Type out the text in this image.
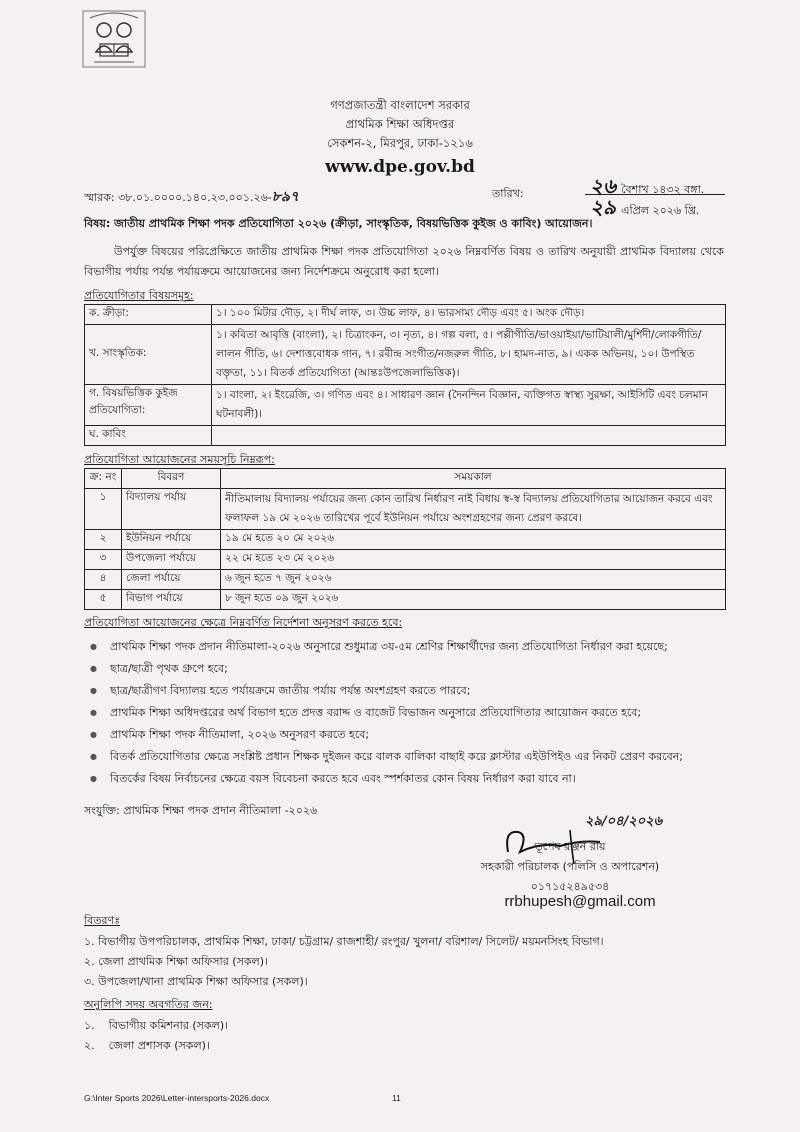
গণপ্রজাতন্ত্রী বাংলাদেশ সরকার
প্রাথমিক শিক্ষা অধিদপ্তর
সেকশন-২, মিরপুর, ঢাকা-১২১৬
www.dpe.gov.bd
স্মারক: ৩৮.০১.০০০০.১৪০.২৩.০০১.২৬-৮৯৭	তারিখ:	২৬ বৈশাখ ১৪৩২ বঙ্গা.
২৯ এপ্রিল ২০২৬ খ্রি.
বিষয়: জাতীয় প্রাথমিক শিক্ষা পদক প্রতিযোগিতা ২০২৬ (ক্রীড়া, সাংস্কৃতিক, বিষয়ভিত্তিক কুইজ ও কাবিং) আয়োজন।
উপর্যুক্ত বিষয়ের পরিপ্রেক্ষিতে জাতীয় প্রাথমিক শিক্ষা পদক প্রতিযোগিতা ২০২৬ নিম্নবর্ণিত বিষয় ও তারিখ অনুযায়ী প্রাথমিক বিদ্যালয় থেকে বিভাগীয় পর্যায় পর্যন্ত পর্যায়ক্রমে আয়োজনের জন্য নির্দেশক্রমে অনুরোধ করা হলো।
প্রতিযোগিতার বিষয়সমূহ:
ক. ক্রীড়া:	১। ১০০ মিটার দৌড়, ২। দীর্ঘ লাফ, ৩। উচ্চ লাফ, ৪। ভারসাম্য দৌড় এবং ৫। অংক দৌড়।
খ. সাংস্কৃতিক:	১। কবিতা আবৃত্তি (বাংলা), ২। চিত্রাংকন, ৩। নৃত্য, ৪। গল্প বলা, ৫। পল্লীগীতি/ভাওয়াইয়া/ভাটিয়ালী/মুর্শিদী/লোকগীতি/লালন গীতি, ৬। দেশাত্তবোধক গান, ৭। রবীন্দ্র সংগীত/নজরুল গীতি, ৮। হামদ-নাত, ৯। একক অভিনয়, ১০। উপস্থিত বক্তৃতা, ১১। বিতর্ক প্রতিযোগিতা (আন্তঃউপজেলাভিত্তিক)।
গ. বিষয়ভিত্তিক কুইজ প্রতিযোগিতা:	১। বাংলা, ২। ইংরেজি, ৩। গণিত এবং ৪। সাধারণ জ্ঞান (দৈনন্দিন বিজ্ঞান, ব্যক্তিগত স্বাস্থ্য সুরক্ষা, আইসিটি এবং চলমান ঘটনাবলী)।
ঘ. কাবিং	
প্রতিযোগিতা আয়োজনের সময়সূচি নিম্নরূপ:
ক্র: নং	বিবরণ	সময়কাল
১	বিদ্যালয় পর্যায়	নীতিমালায় বিদ্যালয় পর্যায়ের জন্য কোন তারিখ নির্ধারণ নাই বিধায় স্ব-স্ব বিদ্যালয় প্রতিযোগিতার আয়োজন করবে এবং ফলাফল ১৯ মে ২০২৬ তারিখের পূর্বে ইউনিয়ন পর্যায়ে অংশগ্রহণের জন্য প্রেরণ করবে।
২	ইউনিয়ন পর্যায়ে	১৯ মে হতে ২০ মে ২০২৬
৩	উপজেলা পর্যায়ে	২২ মে হতে ২৩ মে ২০২৬
৪	জেলা পর্যায়ে	৬ জুন হতে ৭ জুন ২০২৬
৫	বিভাগ পর্যায়ে	৮ জুন হতে ০৯ জুন ২০২৬
প্রতিযোগিতা আয়োজনের ক্ষেত্রে নিম্নবর্ণিত নির্দেশনা অনুসরণ করতে হবে:
● প্রাথমিক শিক্ষা পদক প্রদান নীতিমালা-২০২৬ অনুসারে শুধুমাত্র ৩য়-৫ম শ্রেণির শিক্ষার্থীদের জন্য প্রতিযোগিতা নির্ধারণ করা হয়েছে;
● ছাত্র/ছাত্রী পৃথক গ্রুপে হবে;
● ছাত্র/ছাত্রীগণ বিদ্যালয় হতে পর্যায়ক্রমে জাতীয় পর্যায় পর্যন্ত অংশগ্রহণ করতে পারবে;
● প্রাথমিক শিক্ষা অধিদপ্তরের অর্থ বিভাগ হতে প্রদত্ত বরাদ্দ ও বাজেট বিভাজন অনুসারে প্রতিযোগিতার আয়োজন করতে হবে;
● প্রাথমিক শিক্ষা পদক নীতিমালা, ২০২৬ অনুসরণ করতে হবে;
● বিতর্ক প্রতিযোগিতার ক্ষেত্রে সংশ্লিষ্ট প্রধান শিক্ষক দুইজন করে বালক বালিকা বাছাই করে ক্লাস্টার এইউপিইও এর নিকট প্রেরণ করবেন;
● বিতর্কের বিষয় নির্বাচনের ক্ষেত্রে বয়স বিবেচনা করতে হবে এবং স্পর্শকাতর কোন বিষয় নির্ধারণ করা যাবে না।
সংযুক্তি: প্রাথমিক শিক্ষা পদক প্রদান নীতিমালা -২০২৬
২৯/০৪/২০২৬
ভূপেষ রঞ্জন রায়
সহকারী পরিচালক (পলিসি ও অপারেশন)
০১৭১৫২৪৯৫৩৪
rrbhupesh@gmail.com
বিতরণঃ
১. বিভাগীয় উপপরিচালক, প্রাথমিক শিক্ষা, ঢাকা/ চট্টগ্রাম/ রাজশাহী/ রংপুর/ খুলনা/ বরিশাল/ সিলেট/ ময়মনসিংহ বিভাগ।
২. জেলা প্রাথমিক শিক্ষা অফিসার (সকল)।
৩. উপজেলা/থানা প্রাথমিক শিক্ষা অফিসার (সকল)।
অনুলিপি সদয় অবগতির জন:
১. বিভাগীয় কমিশনার (সকল)।
২. জেলা প্রশাসক (সকল)।
G:\Inter Sports 2026\Letter-intersports-2026.docx	11
